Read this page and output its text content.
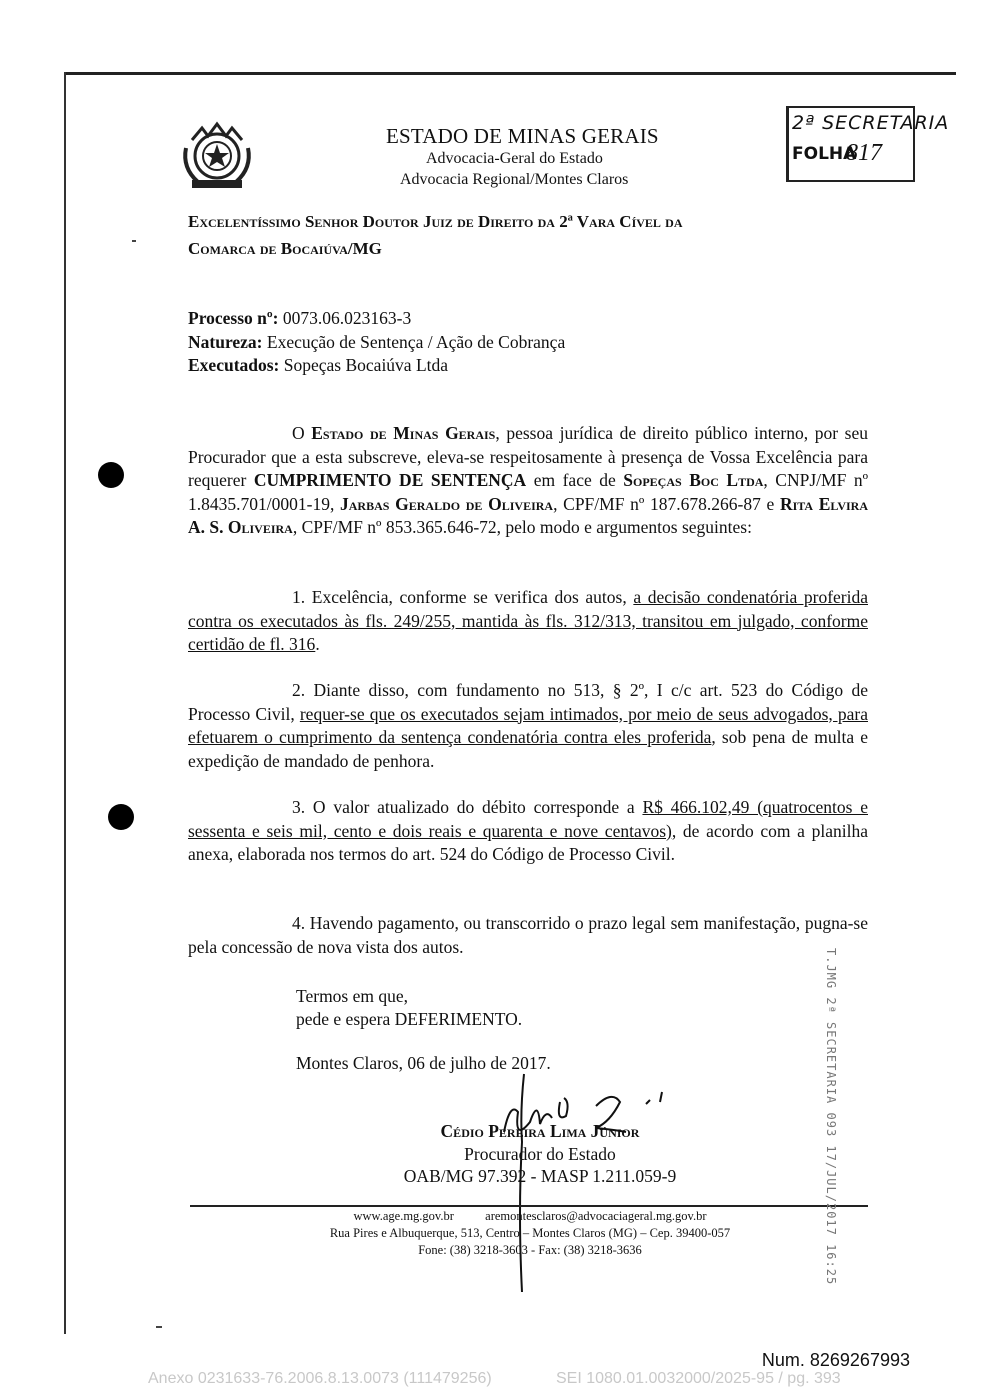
ESTADO DE MINAS GERAIS
Advocacia-Geral do Estado
Advocacia Regional/Montes Claros
2ª SECRETARIA
FOLHA
817
Excelentíssimo Senhor Doutor Juiz de Direito da 2ª Vara Cível da
Comarca de Bocaiúva/MG
Processo nº: 0073.06.023163-3
Natureza: Execução de Sentença / Ação de Cobrança
Executados: Sopeças Bocaiúva Ltda
O Estado de Minas Gerais, pessoa jurídica de direito público interno, por seu Procurador que a esta subscreve, eleva-se respeitosamente à presença de Vossa Excelência para requerer CUMPRIMENTO DE SENTENÇA em face de Sopeças Boc Ltda, CNPJ/MF nº 1.8435.701/0001-19, Jarbas Geraldo de Oliveira, CPF/MF nº 187.678.266-87 e Rita Elvira A. S. Oliveira, CPF/MF nº 853.365.646-72, pelo modo e argumentos seguintes:
1. Excelência, conforme se verifica dos autos, a decisão condenatória proferida contra os executados às fls. 249/255, mantida às fls. 312/313, transitou em julgado, conforme certidão de fl. 316.
2. Diante disso, com fundamento no 513, § 2º, I c/c art. 523 do Código de Processo Civil, requer-se que os executados sejam intimados, por meio de seus advogados, para efetuarem o cumprimento da sentença condenatória contra eles proferida, sob pena de multa e expedição de mandado de penhora.
3. O valor atualizado do débito corresponde a R$ 466.102,49 (quatrocentos e sessenta e seis mil, cento e dois reais e quarenta e nove centavos), de acordo com a planilha anexa, elaborada nos termos do art. 524 do Código de Processo Civil.
4. Havendo pagamento, ou transcorrido o prazo legal sem manifestação, pugna-se pela concessão de nova vista dos autos.
Termos em que,
pede e espera DEFERIMENTO.
Montes Claros, 06 de julho de 2017.
Cédio Pereira Lima Júnior
Procurador do Estado
OAB/MG 97.392 - MASP 1.211.059-9
www.age.mg.gov.br	aremontesclaros@advocaciageral.mg.gov.br
Rua Pires e Albuquerque, 513, Centro – Montes Claros (MG) – Cep. 39400-057
Fone: (38) 3218-3603 - Fax: (38) 3218-3636	T.JMG 2ª SECRETARIA 093 17/JUL/2017 16:25
Num. 8269267993
Anexo 0231633-76.2006.8.13.0073 (111479256)	SEI 1080.01.0032000/2025-95 / pg. 393
